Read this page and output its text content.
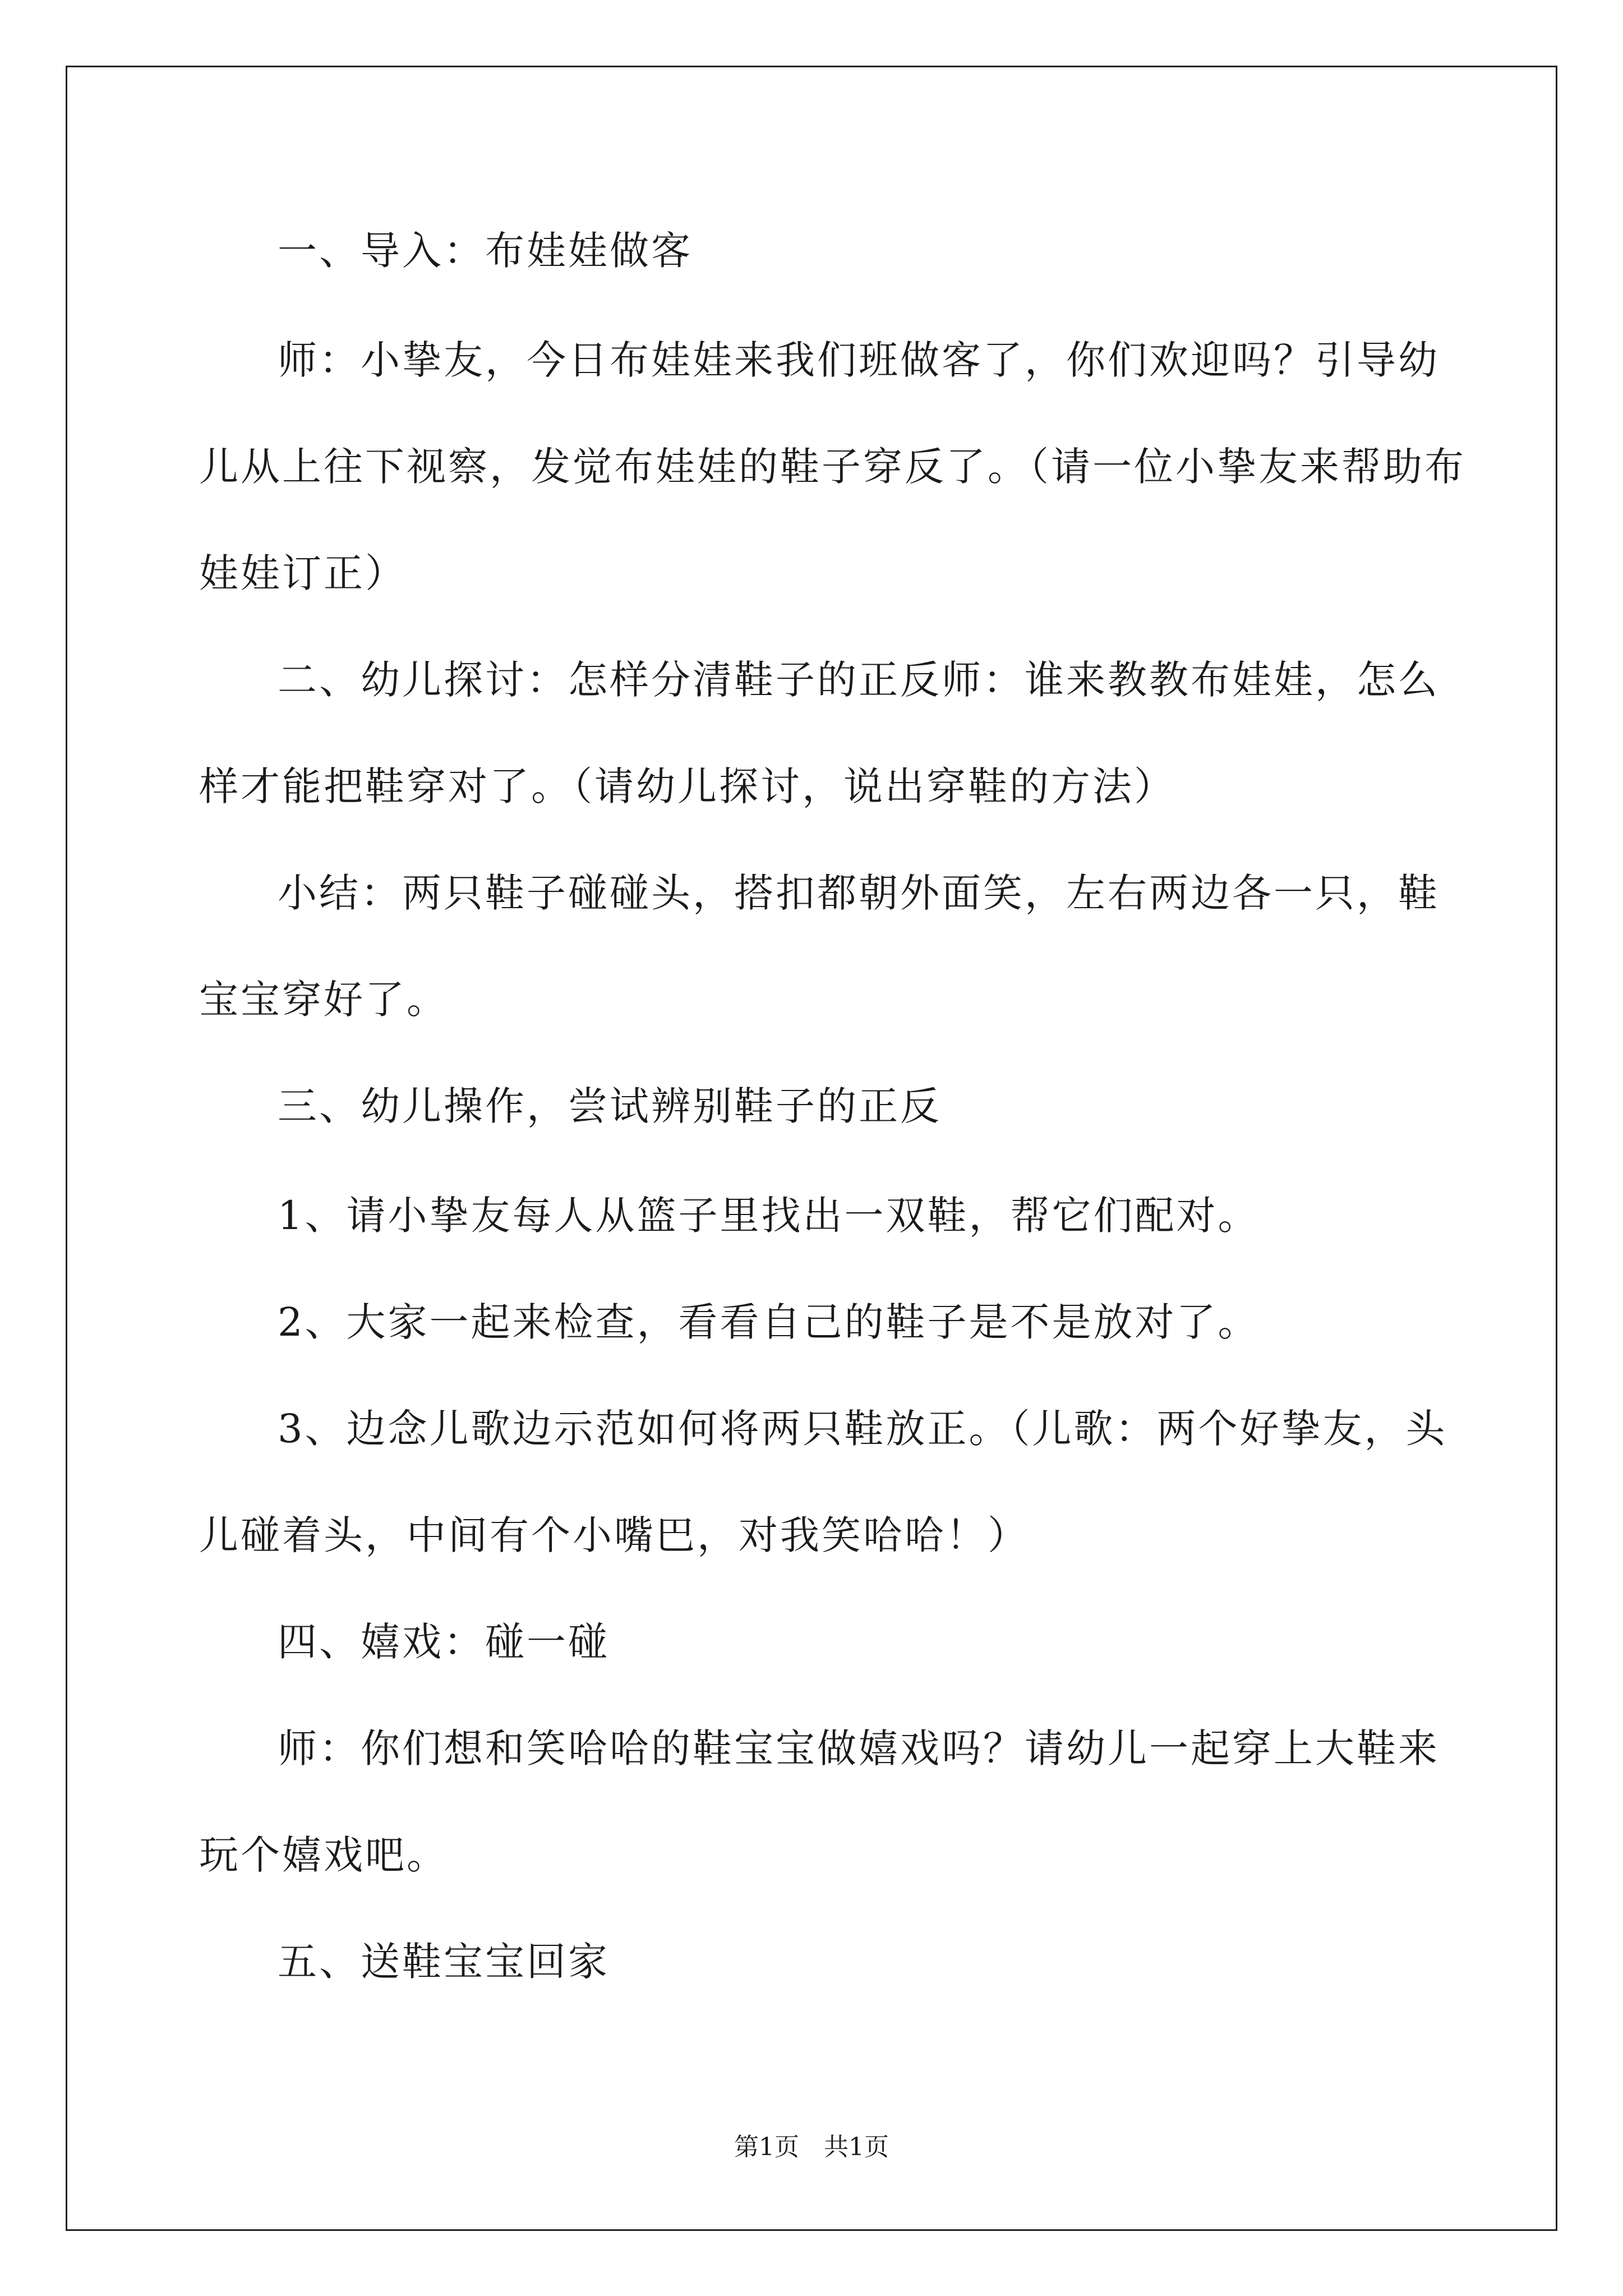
一、导入：布娃娃做客
师：小挚友，今日布娃娃来我们班做客了，你们欢迎吗？引导幼
儿从上往下视察，发觉布娃娃的鞋子穿反了。（请一位小挚友来帮助布
娃娃订正）
二、幼儿探讨：怎样分清鞋子的正反师：谁来教教布娃娃，怎么
样才能把鞋穿对了。（请幼儿探讨，说出穿鞋的方法）
小结：两只鞋子碰碰头，搭扣都朝外面笑，左右两边各一只，鞋
宝宝穿好了。
三、幼儿操作，尝试辨别鞋子的正反
1、请小挚友每人从篮子里找出一双鞋，帮它们配对。
2、大家一起来检查，看看自己的鞋子是不是放对了。
3、边念儿歌边示范如何将两只鞋放正。（儿歌：两个好挚友，头
儿碰着头，中间有个小嘴巴，对我笑哈哈！）
四、嬉戏：碰一碰
师：你们想和笑哈哈的鞋宝宝做嬉戏吗？请幼儿一起穿上大鞋来
玩个嬉戏吧。
五、送鞋宝宝回家
第1页　共1页
